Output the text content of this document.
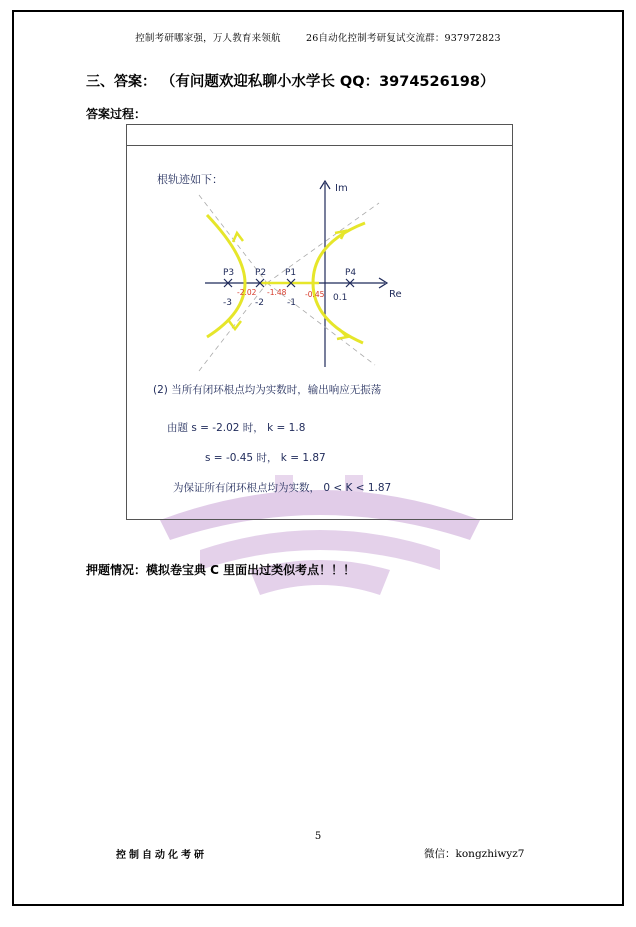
控制考研哪家强，万人教育来领航	26自动化控制考研复试交流群：937972823
三、答案： （有问题欢迎私聊小水学长 QQ：3974526198）
答案过程：
根轨迹如下：
Im
Re
P3 P2 P1	P4
-3	-2	-1	0.1
-2.02 -1.48 -0.45
(2) 当所有闭环根点均为实数时，输出响应无振荡
由题 s = -2.02 时， k = 1.8
s = -0.45 时， k = 1.87
为保证所有闭环根点均为实数， 0 < K < 1.87
押题情况：模拟卷宝典 C 里面出过类似考点！！！
5
控制自动化考研	微信：kongzhiwyz7
